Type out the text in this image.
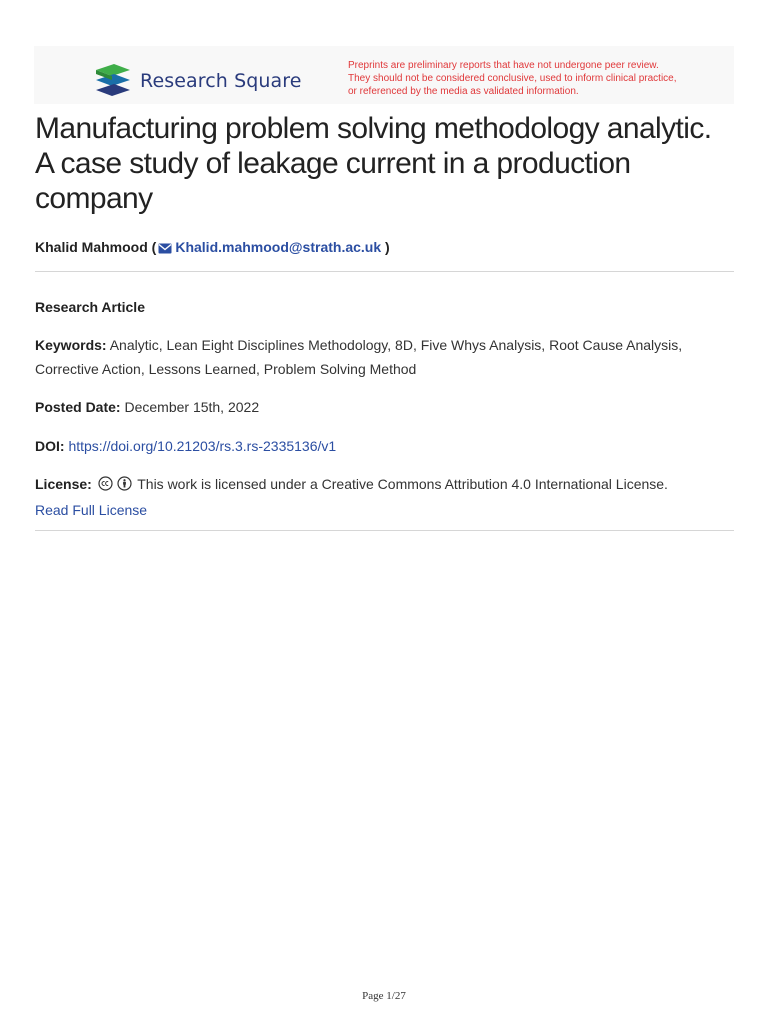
Research Square
Preprints are preliminary reports that have not undergone peer review.
They should not be considered conclusive, used to inform clinical practice,
or referenced by the media as validated information.
Manufacturing problem solving methodology analytic. A case study of leakage current in a production company
Khalid Mahmood ( Khalid.mahmood@strath.ac.uk )
Research Article
Keywords: Analytic, Lean Eight Disciplines Methodology, 8D, Five Whys Analysis, Root Cause Analysis, Corrective Action, Lessons Learned, Problem Solving Method
Posted Date: December 15th, 2022
DOI: https://doi.org/10.21203/rs.3.rs-2335136/v1
License:	This work is licensed under a Creative Commons Attribution 4.0 International License.
Read Full License
Page 1/27
